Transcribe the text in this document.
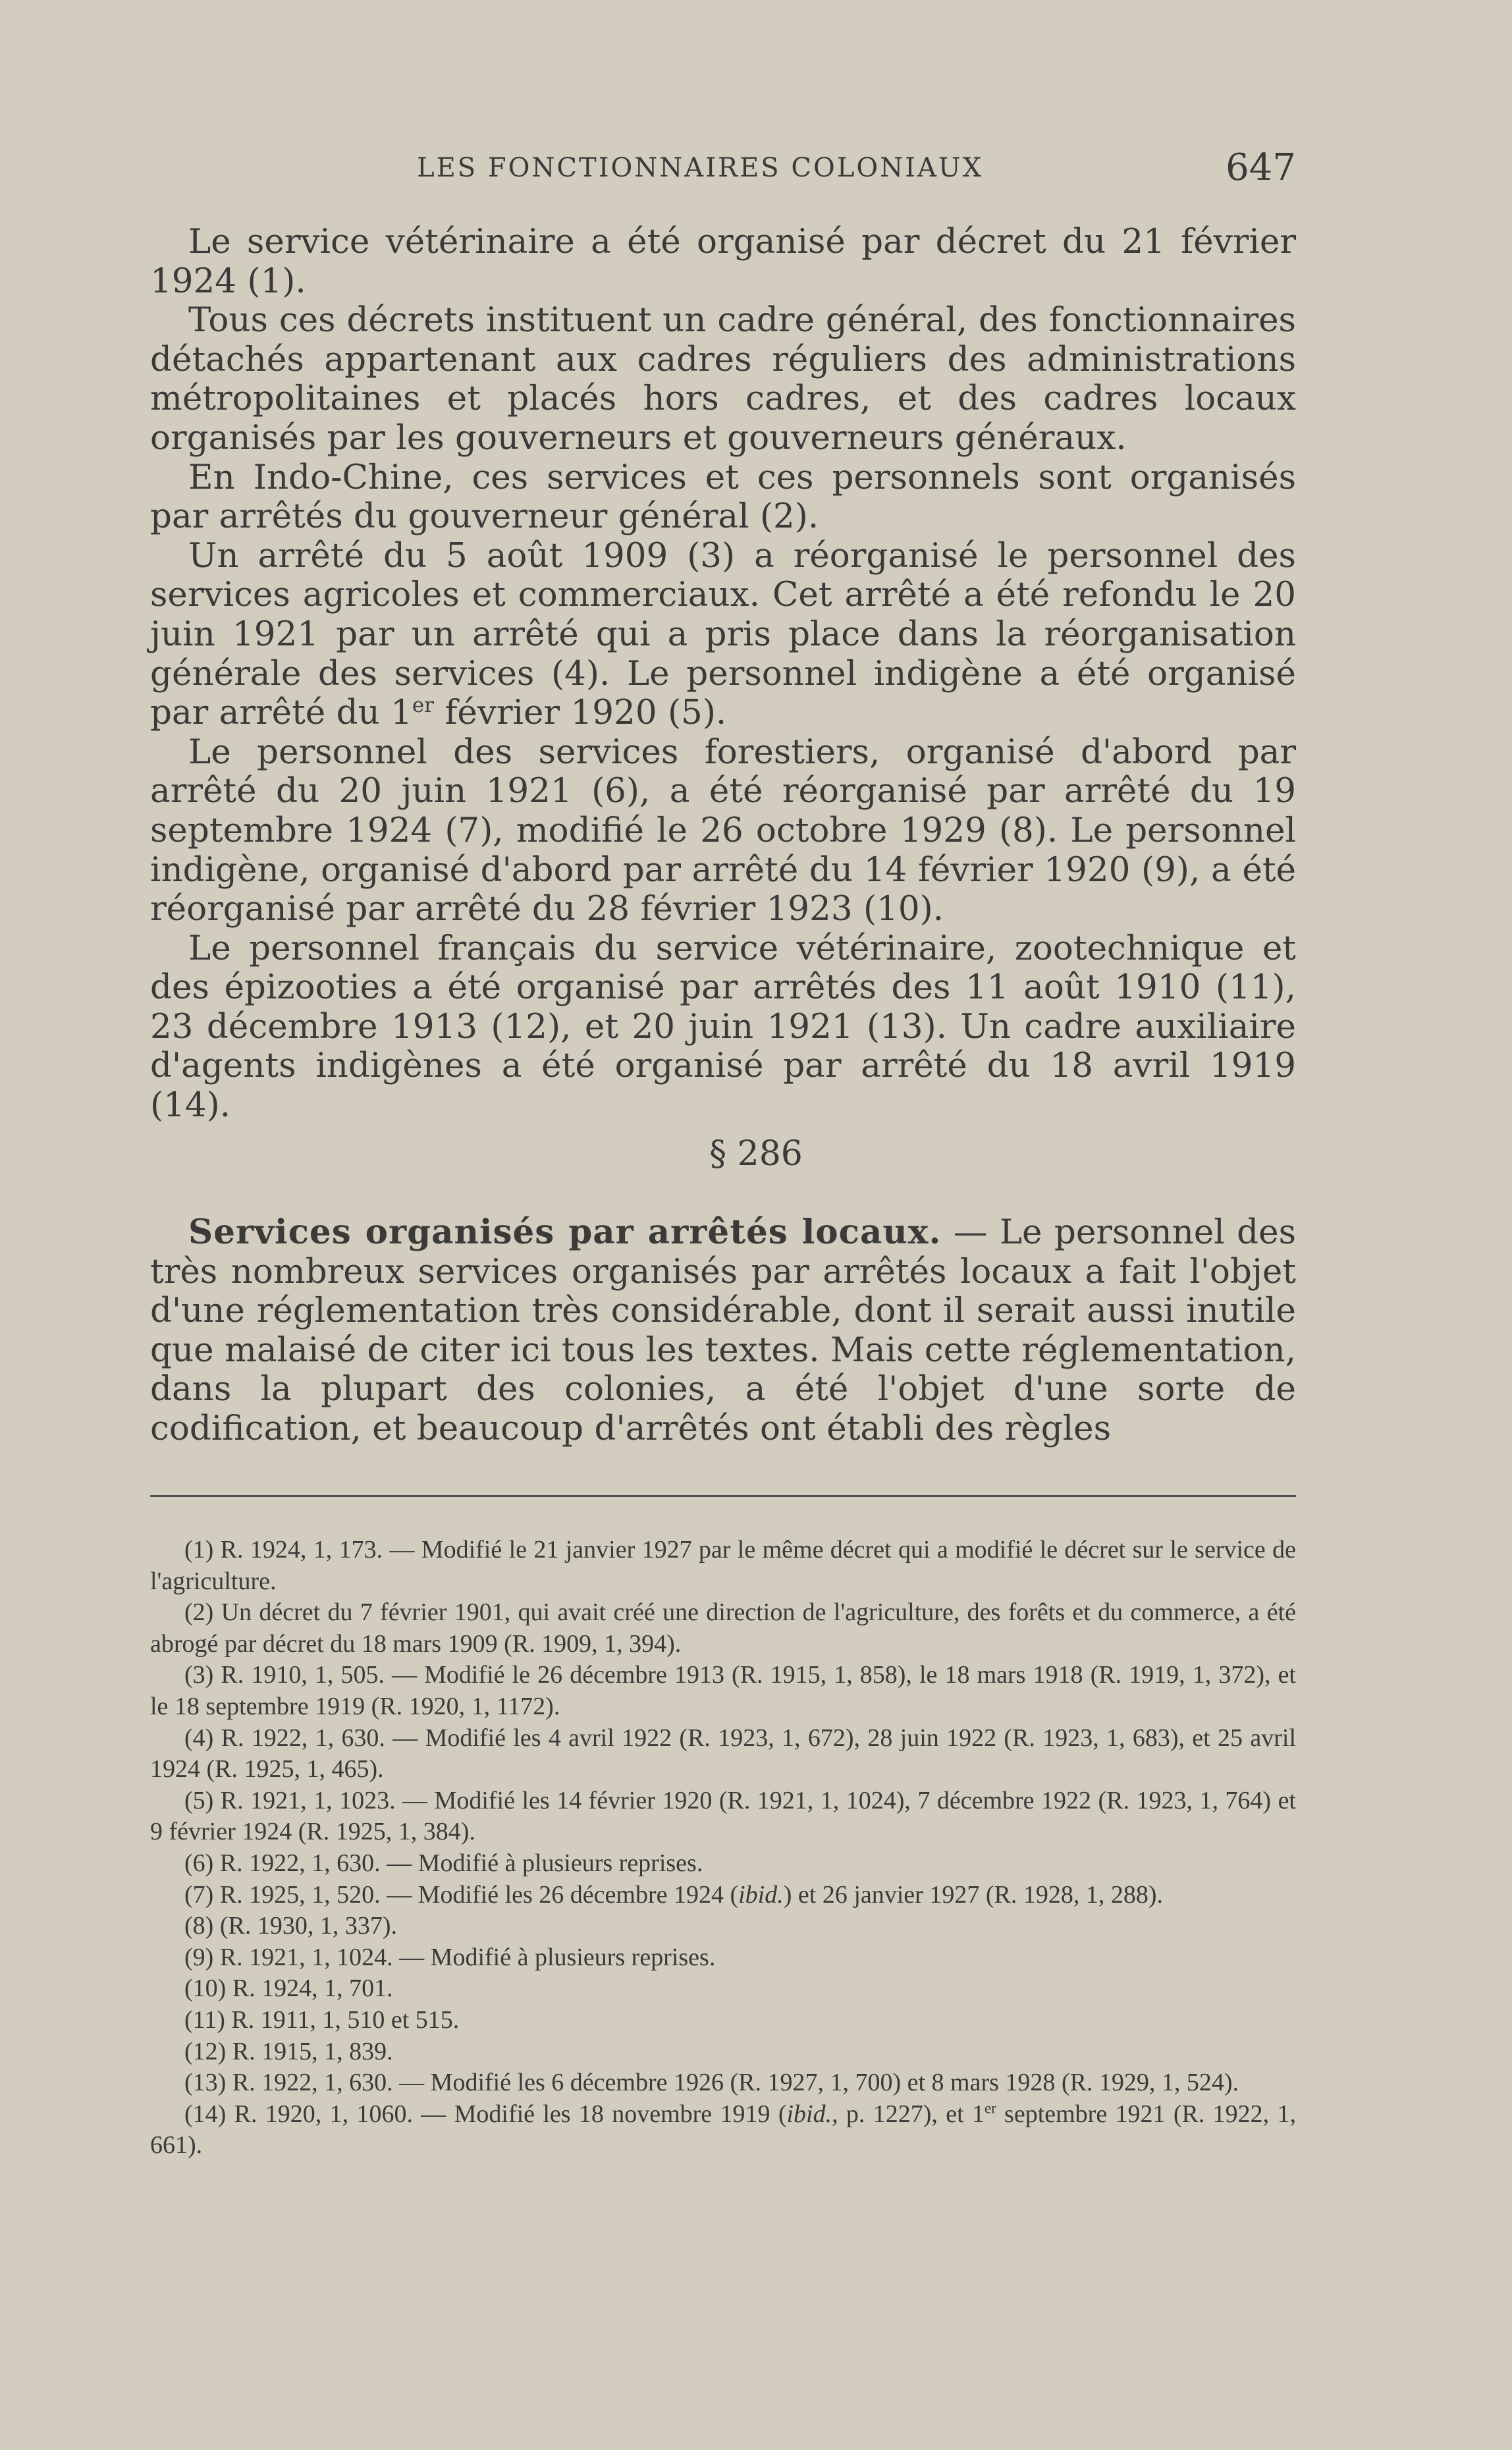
LES FONCTIONNAIRES COLONIAUX	647

Le service vétérinaire a été organisé par décret du 21 février 1924 (1).

Tous ces décrets instituent un cadre général, des fonctionnaires détachés appartenant aux cadres réguliers des administrations métropolitaines et placés hors cadres, et des cadres locaux organisés par les gouverneurs et gouverneurs généraux.

En Indo-Chine, ces services et ces personnels sont organisés par arrêtés du gouverneur général (2).

Un arrêté du 5 août 1909 (3) a réorganisé le personnel des services agricoles et commerciaux. Cet arrêté a été refondu le 20 juin 1921 par un arrêté qui a pris place dans la réorganisation générale des services (4). Le personnel indigène a été organisé par arrêté du 1er février 1920 (5).

Le personnel des services forestiers, organisé d'abord par arrêté du 20 juin 1921 (6), a été réorganisé par arrêté du 19 septembre 1924 (7), modifié le 26 octobre 1929 (8). Le personnel indigène, organisé d'abord par arrêté du 14 février 1920 (9), a été réorganisé par arrêté du 28 février 1923 (10).

Le personnel français du service vétérinaire, zootechnique et des épizooties a été organisé par arrêtés des 11 août 1910 (11), 23 décembre 1913 (12), et 20 juin 1921 (13). Un cadre auxiliaire d'agents indigènes a été organisé par arrêté du 18 avril 1919 (14).

§ 286

Services organisés par arrêtés locaux. — Le personnel des très nombreux services organisés par arrêtés locaux a fait l'objet d'une réglementation très considérable, dont il serait aussi inutile que malaisé de citer ici tous les textes. Mais cette réglementation, dans la plupart des colonies, a été l'objet d'une sorte de codification, et beaucoup d'arrêtés ont établi des règles

(1) R. 1924, 1, 173. — Modifié le 21 janvier 1927 par le même décret qui a modifié le décret sur le service de l'agriculture.
(2) Un décret du 7 février 1901, qui avait créé une direction de l'agriculture, des forêts et du commerce, a été abrogé par décret du 18 mars 1909 (R. 1909, 1, 394).
(3) R. 1910, 1, 505. — Modifié le 26 décembre 1913 (R. 1915, 1, 858), le 18 mars 1918 (R. 1919, 1, 372), et le 18 septembre 1919 (R. 1920, 1, 1172).
(4) R. 1922, 1, 630. — Modifié les 4 avril 1922 (R. 1923, 1, 672), 28 juin 1922 (R. 1923, 1, 683), et 25 avril 1924 (R. 1925, 1, 465).
(5) R. 1921, 1, 1023. — Modifié les 14 février 1920 (R. 1921, 1, 1024), 7 décembre 1922 (R. 1923, 1, 764) et 9 février 1924 (R. 1925, 1, 384).
(6) R. 1922, 1, 630. — Modifié à plusieurs reprises.
(7) R. 1925, 1, 520. — Modifié les 26 décembre 1924 (ibid.) et 26 janvier 1927 (R. 1928, 1, 288).
(8) (R. 1930, 1, 337).
(9) R. 1921, 1, 1024. — Modifié à plusieurs reprises.
(10) R. 1924, 1, 701.
(11) R. 1911, 1, 510 et 515.
(12) R. 1915, 1, 839.
(13) R. 1922, 1, 630. — Modifié les 6 décembre 1926 (R. 1927, 1, 700) et 8 mars 1928 (R. 1929, 1, 524).
(14) R. 1920, 1, 1060. — Modifié les 18 novembre 1919 (ibid., p. 1227), et 1er septembre 1921 (R. 1922, 1, 661).
